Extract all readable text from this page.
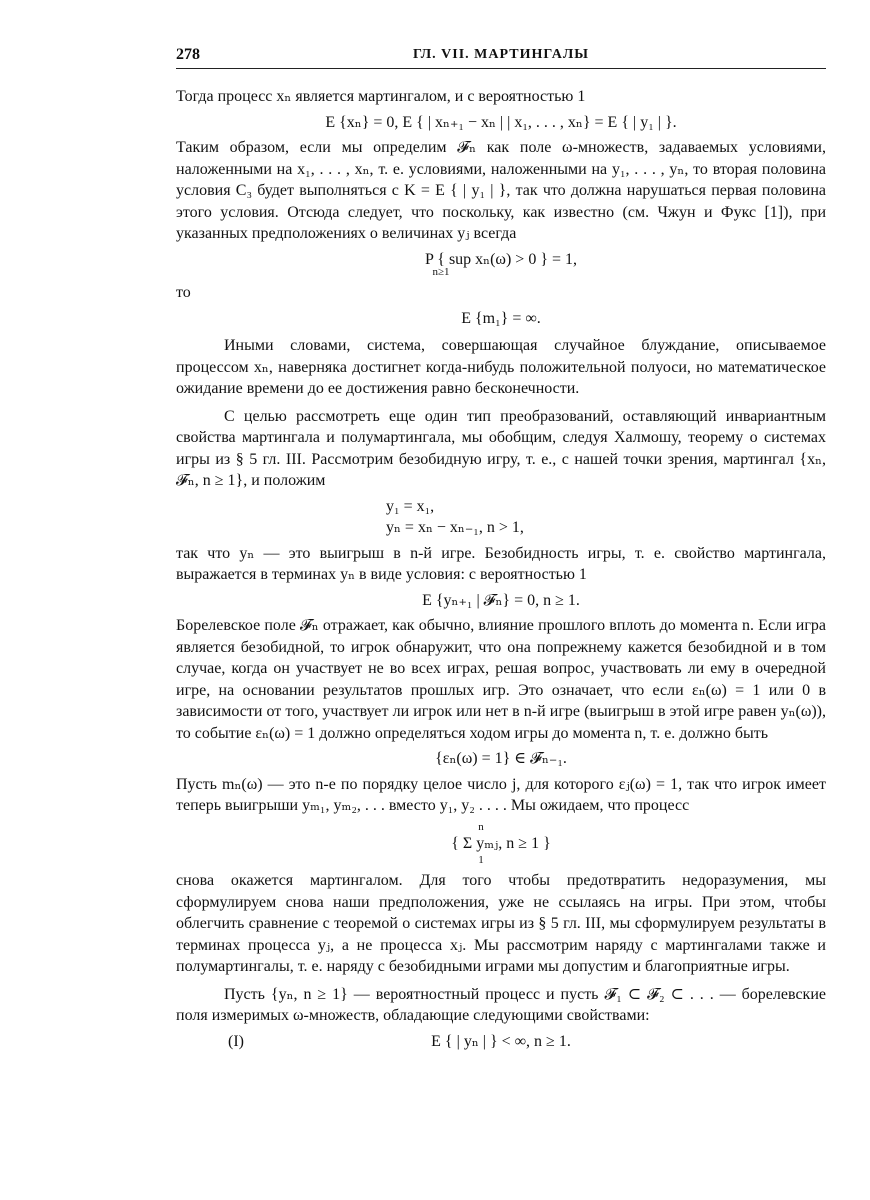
278	ГЛ. VII. МАРТИНГАЛЫ

Тогда процесс xₙ является мартингалом, и с вероятностью 1

E {xₙ} = 0, E { | xₙ₊₁ − xₙ | | x₁, . . . , xₙ} = E { | y₁ | }.

Таким образом, если мы определим 𝓕ₙ как поле ω-множеств, задаваемых условиями, наложенными на x₁, . . . , xₙ, т. е. условиями, наложенными на y₁, . . . , yₙ, то вторая половина условия C₃ будет выполняться с K = E { | y₁ | }, так что должна нарушаться первая половина этого условия. Отсюда следует, что поскольку, как известно (см. Чжун и Фукс [1]), при указанных предположениях о величинах yⱼ всегда

P { sup xₙ(ω) > 0 } = 1,
n≥1

то

E {m₁} = ∞.

Иными словами, система, совершающая случайное блуждание, описываемое процессом xₙ, наверняка достигнет когда-нибудь положительной полуоси, но математическое ожидание времени до ее достижения равно бесконечности.

С целью рассмотреть еще один тип преобразований, оставляющий инвариантным свойства мартингала и полумартингала, мы обобщим, следуя Халмошу, теорему о системах игры из § 5 гл. III. Рассмотрим безобидную игру, т. е., с нашей точки зрения, мартингал {xₙ, 𝓕ₙ, n ≥ 1}, и положим

y₁ = x₁,
yₙ = xₙ − xₙ₋₁, n > 1,

так что yₙ — это выигрыш в n-й игре. Безобидность игры, т. е. свойство мартингала, выражается в терминах yₙ в виде условия: с вероятностью 1

E {yₙ₊₁ | 𝓕ₙ} = 0, n ≥ 1.

Борелевское поле 𝓕ₙ отражает, как обычно, влияние прошлого вплоть до момента n. Если игра является безобидной, то игрок обнаружит, что она попрежнему кажется безобидной и в том случае, когда он участвует не во всех играх, решая вопрос, участвовать ли ему в очередной игре, на основании результатов прошлых игр. Это означает, что если εₙ(ω) = 1 или 0 в зависимости от того, участвует ли игрок или нет в n-й игре (выигрыш в этой игре равен yₙ(ω)), то событие εₙ(ω) = 1 должно определяться ходом игры до момента n, т. е. должно быть

{εₙ(ω) = 1} ∈ 𝓕ₙ₋₁.

Пусть mₙ(ω) — это n-е по порядку целое число j, для которого εⱼ(ω) = 1, так что игрок имеет теперь выигрыши yₘ₁, yₘ₂, . . . вместо y₁, y₂ . . . . Мы ожидаем, что процесс

n
{ Σ yₘⱼ, n ≥ 1 }
1

снова окажется мартингалом. Для того чтобы предотвратить недоразумения, мы сформулируем снова наши предположения, уже не ссылаясь на игры. При этом, чтобы облегчить сравнение с теоремой о системах игры из § 5 гл. III, мы сформулируем результаты в терминах процесса yⱼ, а не процесса xⱼ. Мы рассмотрим наряду с мартингалами также и полумартингалы, т. е. наряду с безобидными играми мы допустим и благоприятные игры.

Пусть {yₙ, n ≥ 1} — вероятностный процесс и пусть 𝓕₁ ⊂ 𝓕₂ ⊂ . . . — борелевские поля измеримых ω-множеств, обладающие следующими свойствами:

(I)	E { | yₙ | } < ∞, n ≥ 1.
